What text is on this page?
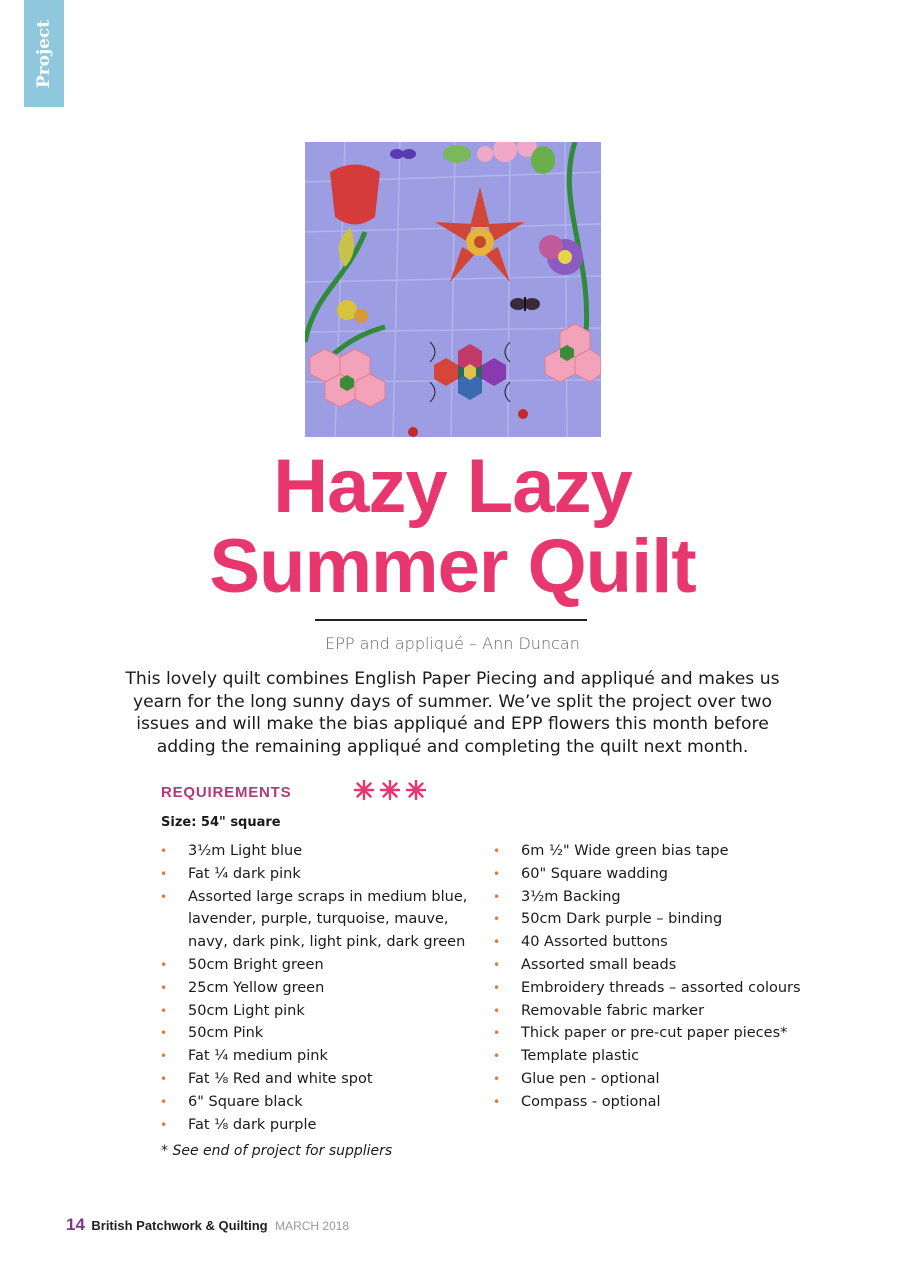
Project
Hazy Lazy
Summer Quilt
EPP and appliqué – Ann Duncan

This lovely quilt combines English Paper Piecing and appliqué and makes us yearn for the long sunny days of summer. We’ve split the project over two issues and will make the bias appliqué and EPP flowers this month before adding the remaining appliqué and completing the quilt next month.

REQUIREMENTS
Size: 54" square
• 3½m Light blue
• Fat ¼ dark pink
• Assorted large scraps in medium blue, lavender, purple, turquoise, mauve, navy, dark pink, light pink, dark green
• 50cm Bright green
• 25cm Yellow green
• 50cm Light pink
• 50cm Pink
• Fat ¼ medium pink
• Fat ⅛ Red and white spot
• 6" Square black
• Fat ⅛ dark purple
• 6m ½" Wide green bias tape
• 60" Square wadding
• 3½m Backing
• 50cm Dark purple – binding
• 40 Assorted buttons
• Assorted small beads
• Embroidery threads – assorted colours
• Removable fabric marker
• Thick paper or pre-cut paper pieces*
• Template plastic
• Glue pen - optional
• Compass - optional
* See end of project for suppliers
14 British Patchwork & Quilting MARCH 2018
